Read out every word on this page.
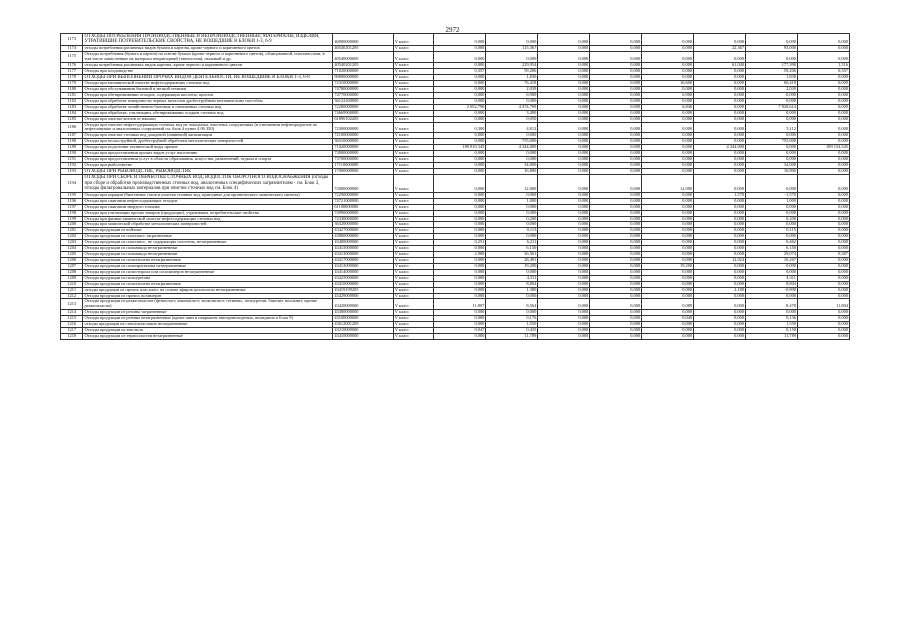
2972
1173	ОТХОДЫ ПОТРЕБЛЕНИЯ ПРОИЗВОДСТВЕННЫЕ И НЕПРОИЗВОДСТВЕННЫЕ; МАТЕРИАЛЫ, ИЗДЕЛИЯ, УТРАТИВШИЕ ПОТРЕБИТЕЛЬСКИЕ СВОЙСТВА, НЕ ВОШЕДШИЕ В БЛОКИ 1-3, 6-9	40000000000	V класс	0,000	0,000	0,000	0,000	0,000	0,000	0,000	0,000
1174	отходы потребления различных видов бумаги и картона, кроме черного и коричневого цветов	40540201205	V класс	0,000	115,367	0,000	0,000	0,000	22,367	93,000	0,000
1175	Отходы потребления (бумага и картон) на основе бумаги (кроме черного и коричневого цветов), облицованной, пластмассами, в том числе замасленные на материал непригодный (тавтология), пыльный и др.	40540000000	V класс	0,000	0,000	0,000	0,000	0,000	0,000	0,000	0,000
1176	отходы потребления различных видов картона, кроме черного и коричневого цветов	40540201205	V класс	0,000	229,954	0,000	0,000	0,000	61,040	177,398	1,516
1177	Отходы при плодоводстве	71020000000	V класс	0,357	59,206	0,000	0,000	0,000	0,000	59,206	0,357
1178	ОТХОДЫ ПРИ ВЫПОЛНЕНИИ ПРОЧИХ ВИДОВ ДЕЯТЕЛЬНОСТИ, НЕ ВОШЕДШИЕ В БЛОКИ 1-3, 6-8	90000000000	V класс	0,000	1,830	0,000	0,000	0,000	0,000	1,830	0,000
1179	Отходы при механической очистке нефтесодержащих сточных вод	72310000000	V класс	0,000	76,418	0,000	0,000	16,600	0,000	60,418	0,000
1180	Отходы при обслуживании бытовой и мелкой техники	74780000000	V класс	0,000	2,039	0,000	0,000	0,000	0,000	2,039	0,000
1181	Отходы при обезвреживании отходов, содержащих кислоты, щелочи	74770000000	V класс	0,000	6,900	0,000	0,000	6,900	0,000	0,000	0,000
1182	Отходы при обработке поверхности черных металлов дробеструйным механическим способом	36122200000	V класс	0,000	0,000	0,000	0,000	0,000	0,000	0,000	0,000
1183	Отходы при обработке хозяйственно-бытовых и смешанных сточных вод	72200000000	V класс	2 652,790	4 374,769	0,000	0,000	6,846	0,000	7 020,614	0,000
1184	Отходы при обработке, утилизации, обезвреживании осадков сточных вод	74669900000	V класс	0,000	3,490	0,000	0,000	0,000	0,000	0,000	0,000
1185	Отходы при очистке котлов от накипи	61890102205	V класс	0,000	0,050	0,000	0,000	0,000	0,000	0,000	0,000
1186	Отходы при очистке нефтесодержащих сточных вод на локальных очистных сооружениях (в отношении нефтепродуктов по нефтеловушке и аналогичных сооружений см. блок 4 пункт 4 06 350)	72300000000	V класс	0,300	4,812	0,000	0,000	0,000	0,000	5,112	0,000
1187	Отходы при очистке сточных вод дождевой (ливневой) канализации	72100000000	V класс	0,000	0,000	0,000	0,000	0,000	0,000	0,000	0,000
1188	Отходы при пескоструйной, дробеструйной обработки металлических поверхностей	36510000000	V класс	0,000	755,000	0,000	0,000	0,000	0,000	755,000	0,000
1189	Отходы при подготовке технической воды прочие	71020000000	V класс	189 810,345	4 344,000	0,000	0,000	0,000	4 344,000	0,000	189 154,345
1190	Отходы при предоставлении прочих видов услуг населению	73900000000	V класс	0,000	0,000	0,000	0,000	0,000	0,000	0,000	0,000
1191	Отходы при предоставлении услуг в области образования, искусства, развлечений, отдыха и спорта	73700000000	V класс	0,000	0,000	0,000	0,000	0,000	0,000	0,000	0,000
1192	Отходы при рыболовстве	17110000000	V класс	0,000	34,000	0,000	0,000	0,000	0,000	34,000	0,000
1193	ОТХОДЫ ПРИ РЫБОВОДСТВЕ, РЫБОВОДСТВЕ	17000000000	V класс	0,000	16,800	0,000	0,000	0,000	0,000	16,800	0,000
1194	ОТХОДЫ ПРИ СБОРЕ И ОБРАБОТКЕ СТОЧНЫХ ВОД, ВОДОСТОК ОБОРОТНОГО ВОДОСНАБЖЕНИЯ (отходы при сборе и обработке производственных сточных вод, аналогичных специфических загрязнителям - см. Блок 3, отходы фильтровальных материалов при очистке сточных вод см. Блок 4)	72000000000	V класс	0,000	12,000	0,000	0,000	12,000	0,000	0,000	0,000
1195	Отходы при аэрации (биогенных газов и очистка сточных вод, пригодные для органического химического синтеза)	72290000000	V класс	0,000	0,000	0,000	0,000	0,000	1,570	-1,570	0,000
1196	Отходы при сжигании нефтесодержащих отходов	74721000000	V класс	0,000	1,000	0,000	0,000	0,000	0,000	1,000	0,000
1197	Отходы при сжигании твердого топлива	61100000000	V класс	0,000	0,000	0,000	0,000	0,000	0,000	0,000	0,000
1198	Отходы при утилизации прочих товаров (продукции), утративших потребительские свойства	74990000000	V класс	0,000	0,000	0,000	0,000	0,000	0,000	0,000	0,000
1199	Отходы при физико-химической очистке нефтесодержащих сточных вод	72330000000	V класс	0,000	0,200	0,000	0,000	0,000	0,000	0,200	0,000
1200	Отходы при химической обработке металлических поверхностей	36320000000	V класс	0,000	0,000	0,000	0,000	0,000	0,000	0,000	0,000
1201	Отходы продукции из войлока	43427000000	V класс	0,000	0,115	0,000	0,000	0,000	0,000	0,115	0,000
1202	Отходы продукции из пластмасс загрязненные	43800000000	V класс	0,000	0,000	0,000	0,000	0,000	0,000	0,000	0,000
1203	Отходы продукции из пластмасс, не содержащих галогены, незагрязненные	43400000000	V класс	0,251	6,211	0,000	0,000	0,000	0,000	6,462	0,000
1204	Отходы продукции из полиамида незагрязненные	43415000000	V класс	0,000	6,150	0,000	0,000	0,000	0,000	6,150	0,000
1205	Отходы продукции из полиамида незагрязненные	43413000000	V класс	2,900	26,561	0,000	0,000	0,000	0,000	29,074	0,387
1206	Отходы продукции из полиэтилена незагрязненные	43417000000	V класс	0,000	28,491	0,000	0,000	0,000	12,024	16,267	0,000
1207	Отходы продукции из полипропилена незагрязненные	43412000000	V класс	0,000	19,200	0,000	0,000	19,200	0,000	0,000	0,000
1208	Отходы продукции из полистирола или сополимеров незагрязненные	43414000000	V класс	0,000	0,000	0,000	0,000	0,000	0,000	0,000	0,000
1209	Отходы продукции из полиуретана	43425000000	V класс	0,000	4,311	0,000	0,000	0,000	0,000	4,311	0,000
1210	Отходы продукции из полиэтилена незагрязненные	43410000000	V класс	0,000	8,804	0,000	0,000	0,000	0,000	8,804	0,000
1211	отходы продукции из прочих пластмасс на основе эфиров целлюлозы незагрязненные	43419199205	V класс	0,000	1,380	0,000	0,000	0,000	2,180	-0,800	0,000
1212	Отходы продукции из прочих полимеров	43429000000	V класс	0,000	0,000	0,000	0,000	0,000	0,000	0,000	0,000
1213	Отходы продукции из реактопластов (фенопласт, аминопласт, эпоксипласт, гетинакс, полиуретан, бакелит, волокнит, прочие реактопласты)	43420000000	V класс	11,807	8,564	0,000	0,000	0,089	0,000	8,478	11,804
1214	Отходы продукции из резины загрязненные	43300000000	V класс	0,000	0,000	0,000	0,000	0,000	0,000	0,000	0,000
1215	Отходы продукции из резины незагрязненные (кроме шин и покрышек автотранспортных, вошедших в Блок 9)	43100000000	V класс	0,000	0,176	0,000	0,000	0,040	0,000	0,136	0,000
1216	отходы продукции из стеклопластиков незагрязненные	43612001205	V класс	0,000	1,550	0,000	0,000	0,000	0,000	1,550	0,000
1217	Отходы продукции из текстиля	43210000000	V класс	0,047	0,435	0,000	0,000	0,000	0,000	0,150	0,000
1218	Отходы продукции из термопластов незагрязненные	43410000000	V класс	0,000	11,789	0,000	0,000	0,000	0,000	11,789	0,000
